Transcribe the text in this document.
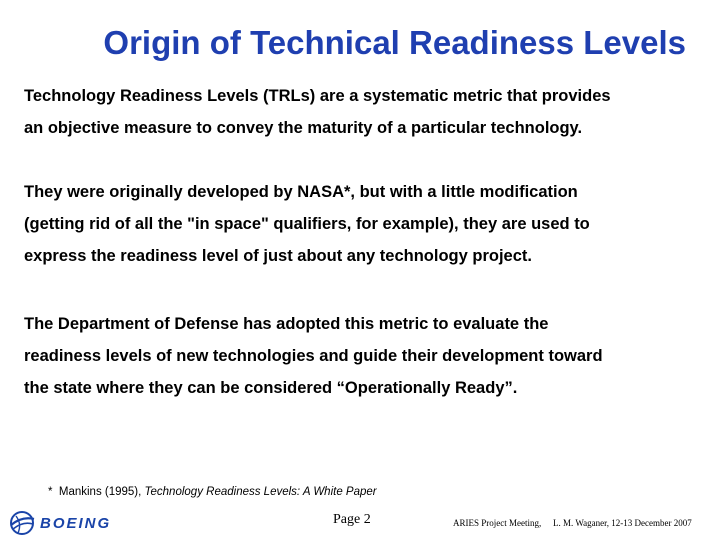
Origin of Technical Readiness Levels
Technology Readiness Levels (TRLs) are a systematic metric that provides
an objective measure to convey the maturity of a particular technology.
They were originally developed by NASA*, but with a little modification
(getting rid of all the "in space" qualifiers, for example), they are used to
express the readiness level of just about any technology project.
The Department of Defense has adopted this metric to evaluate the
readiness levels of new technologies and guide their development toward
the state where they can be considered “Operationally Ready”.
* Mankins (1995), Technology Readiness Levels: A White Paper
BOEING	Page 2	ARIES Project Meeting, L. M. Waganer, 12-13 December 2007
